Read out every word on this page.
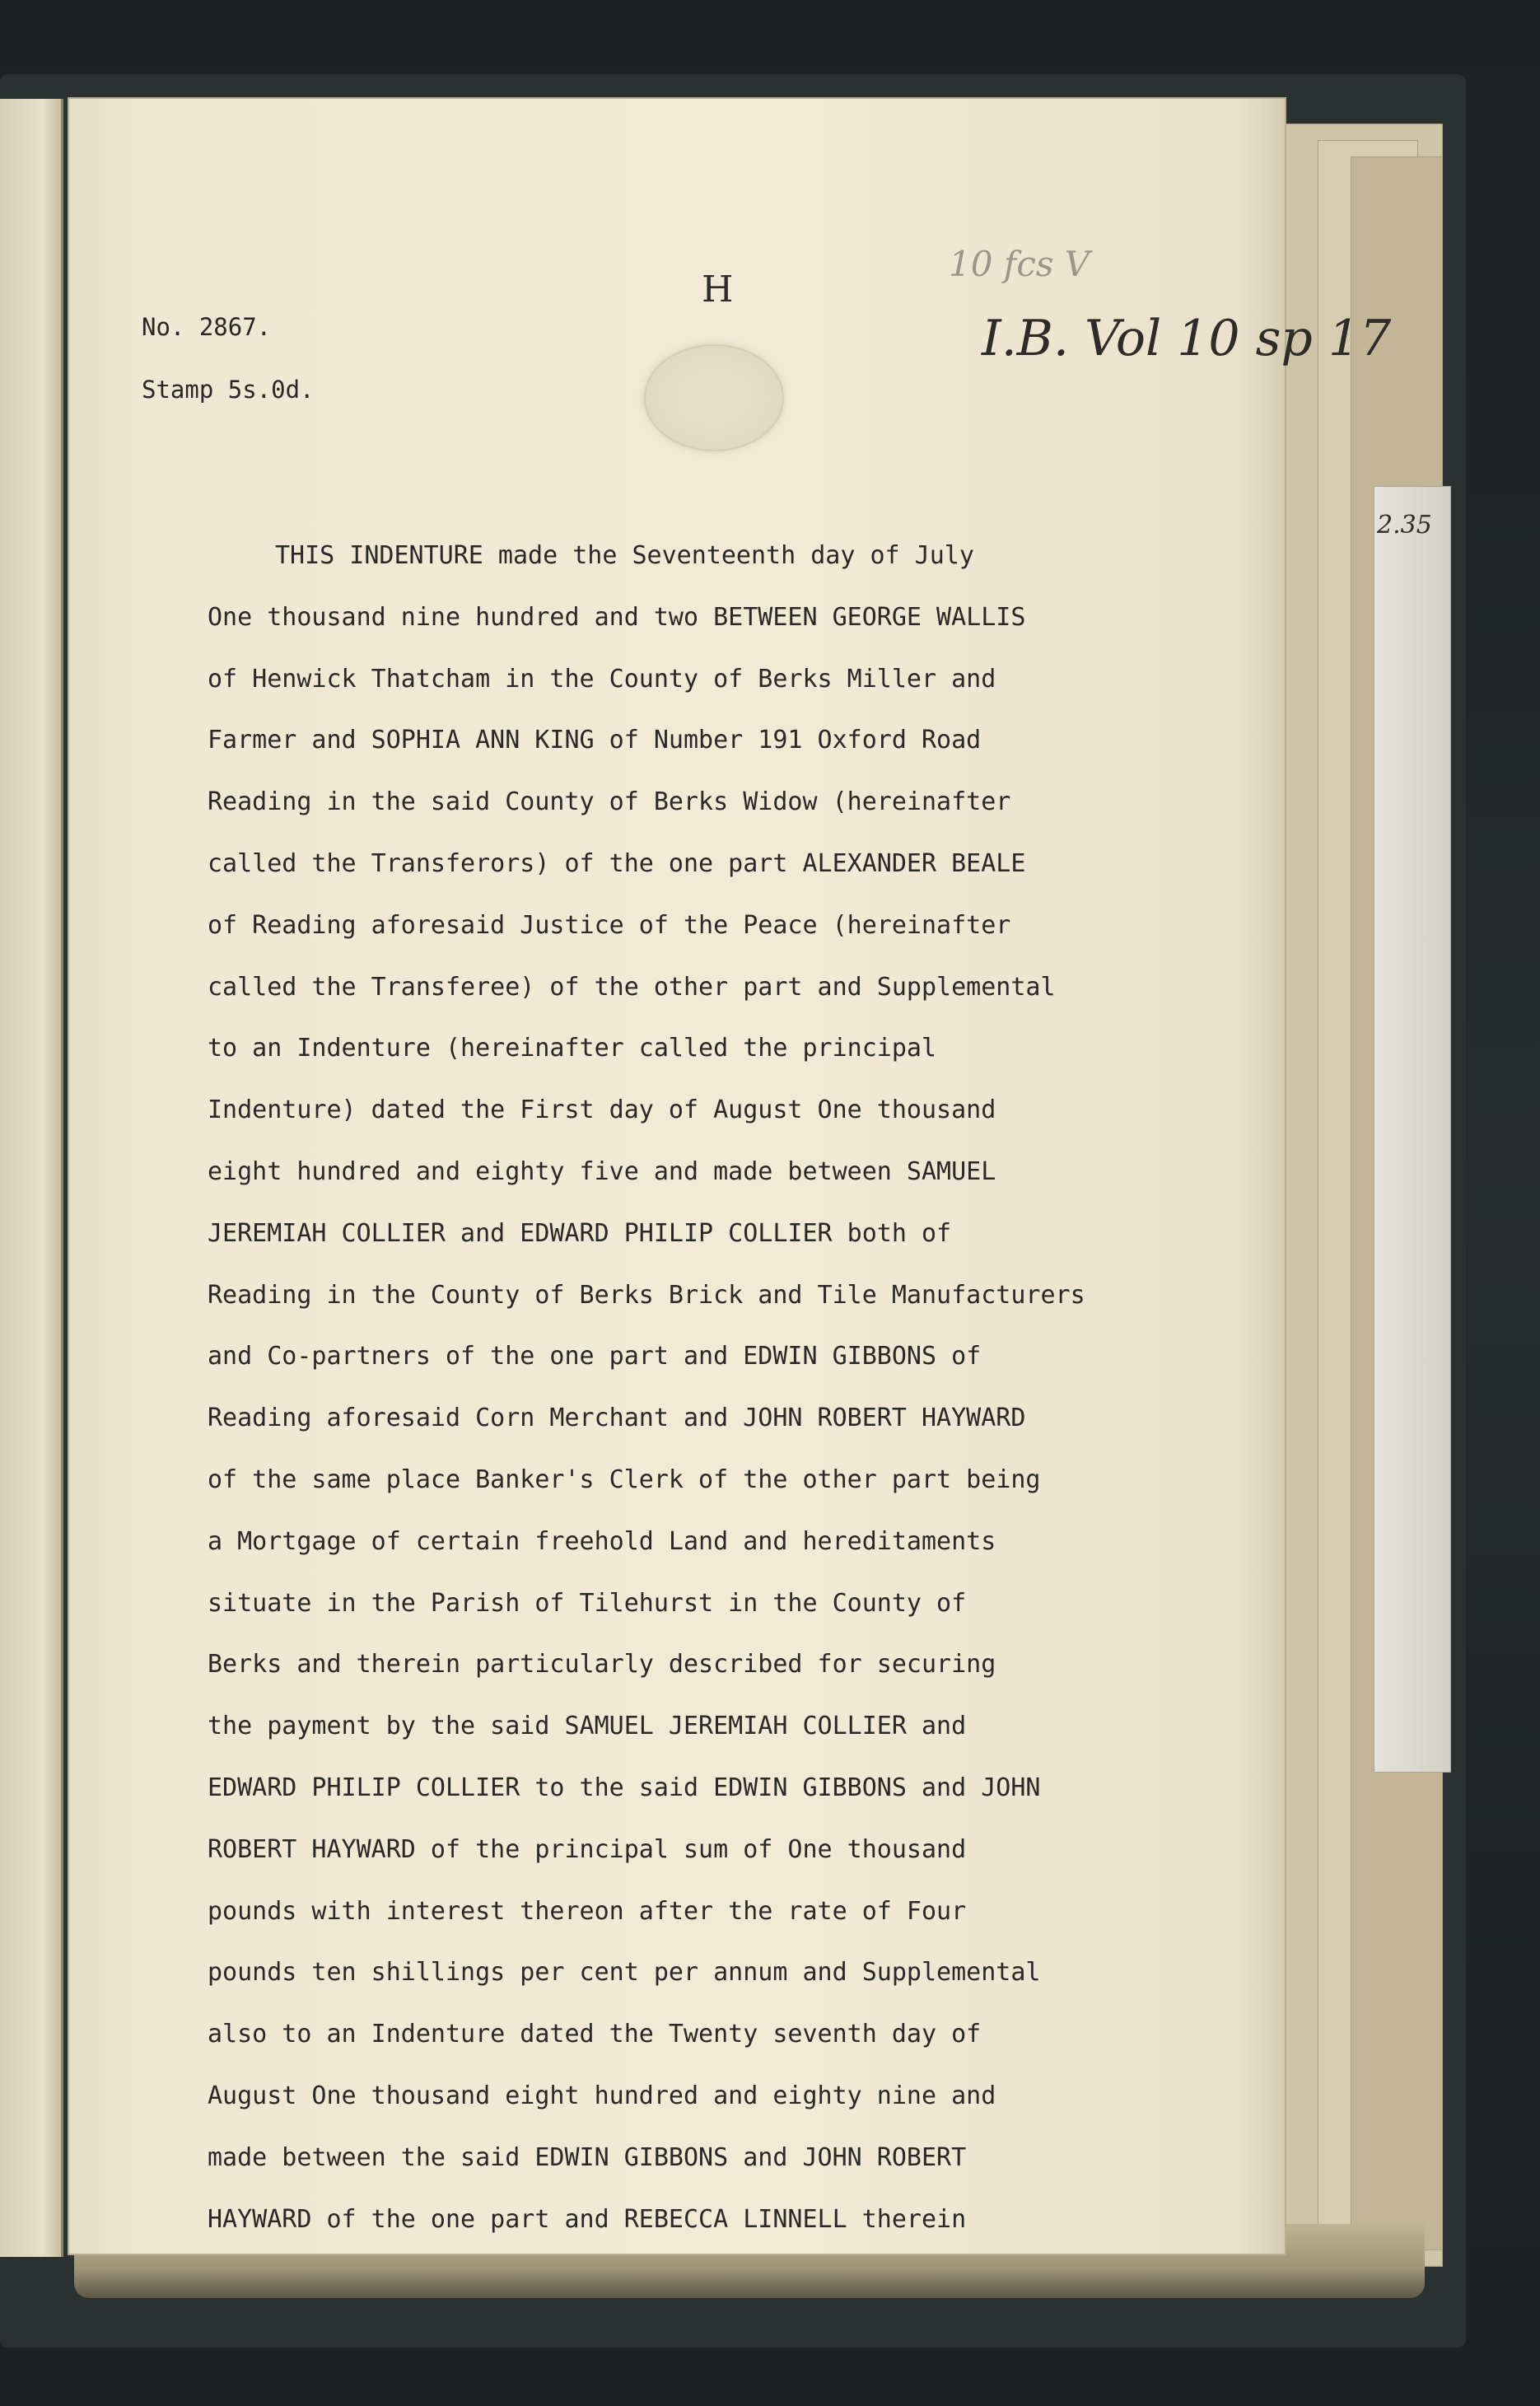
2.35
No. 2867.
Stamp 5s.0d.
H
10 fcs V
I.B. Vol 10 sp 17
THIS INDENTURE made the Seventeenth day of July
One thousand nine hundred and two BETWEEN GEORGE WALLIS
of Henwick Thatcham in the County of Berks Miller and
Farmer and SOPHIA ANN KING of Number 191 Oxford Road
Reading in the said County of Berks Widow (hereinafter
called the Transferors) of the one part ALEXANDER BEALE
of Reading aforesaid Justice of the Peace (hereinafter
called the Transferee) of the other part and Supplemental
to an Indenture (hereinafter called the principal
Indenture) dated the First day of August One thousand
eight hundred and eighty five and made between SAMUEL
JEREMIAH COLLIER and EDWARD PHILIP COLLIER both of
Reading in the County of Berks Brick and Tile Manufacturers
and Co-partners of the one part and EDWIN GIBBONS of
Reading aforesaid Corn Merchant and JOHN ROBERT HAYWARD
of the same place Banker's Clerk of the other part being
a Mortgage of certain freehold Land and hereditaments
situate in the Parish of Tilehurst in the County of
Berks and therein particularly described for securing
the payment by the said SAMUEL JEREMIAH COLLIER and
EDWARD PHILIP COLLIER to the said EDWIN GIBBONS and JOHN
ROBERT HAYWARD of the principal sum of One thousand
pounds with interest thereon after the rate of Four
pounds ten shillings per cent per annum and Supplemental
also to an Indenture dated the Twenty seventh day of
August One thousand eight hundred and eighty nine and
made between the said EDWIN GIBBONS and JOHN ROBERT
HAYWARD of the one part and REBECCA LINNELL therein
